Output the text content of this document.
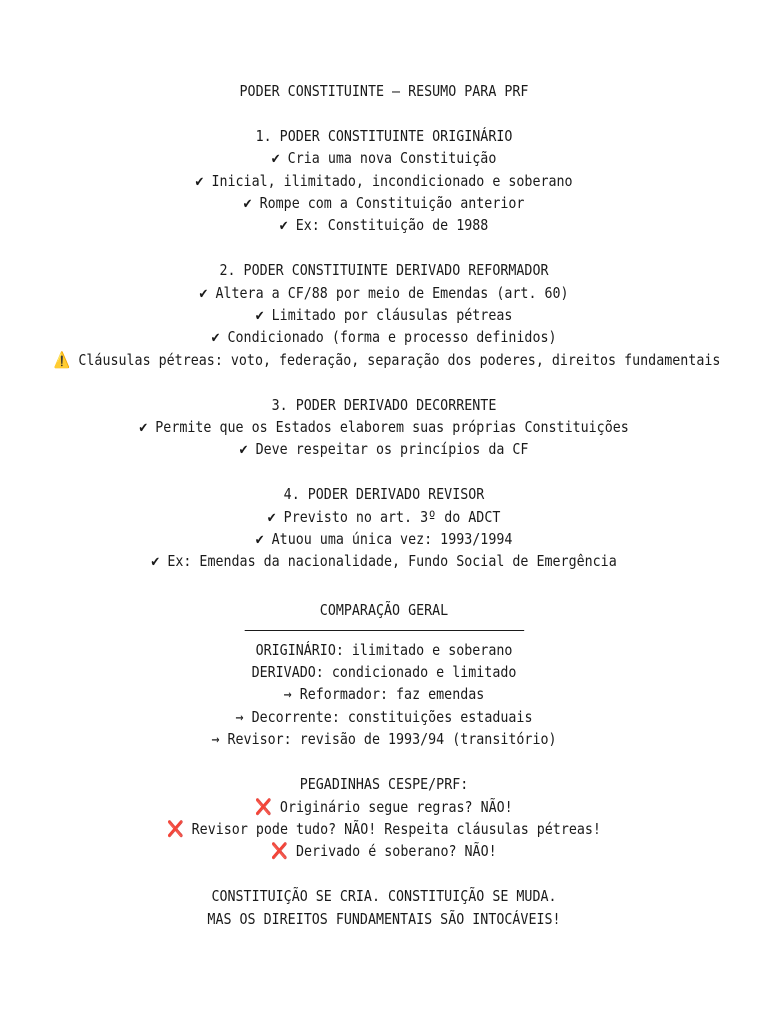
PODER CONSTITUINTE — RESUMO PARA PRF
1. PODER CONSTITUINTE ORIGINÁRIO
✔ Cria uma nova Constituição
✔ Inicial, ilimitado, incondicionado e soberano
✔ Rompe com a Constituição anterior
✔ Ex: Constituição de 1988
2. PODER CONSTITUINTE DERIVADO REFORMADOR
✔ Altera a CF/88 por meio de Emendas (art. 60)
✔ Limitado por cláusulas pétreas
✔ Condicionado (forma e processo definidos)
⚠️ Cláusulas pétreas: voto, federação, separação dos poderes, direitos fundamentais
3. PODER DERIVADO DECORRENTE
✔ Permite que os Estados elaborem suas próprias Constituições
✔ Deve respeitar os princípios da CF
4. PODER DERIVADO REVISOR
✔ Previsto no art. 3º do ADCT
✔ Atuou uma única vez: 1993/1994
✔ Ex: Emendas da nacionalidade, Fundo Social de Emergência
COMPARAÇÃO GERAL
ORIGINÁRIO: ilimitado e soberano
DERIVADO: condicionado e limitado
→ Reformador: faz emendas
→ Decorrente: constituições estaduais
→ Revisor: revisão de 1993/94 (transitório)
PEGADINHAS CESPE/PRF:
❌ Originário segue regras? NÃO!
❌ Revisor pode tudo? NÃO! Respeita cláusulas pétreas!
❌ Derivado é soberano? NÃO!
CONSTITUIÇÃO SE CRIA. CONSTITUIÇÃO SE MUDA.
MAS OS DIREITOS FUNDAMENTAIS SÃO INTOCÁVEIS!
